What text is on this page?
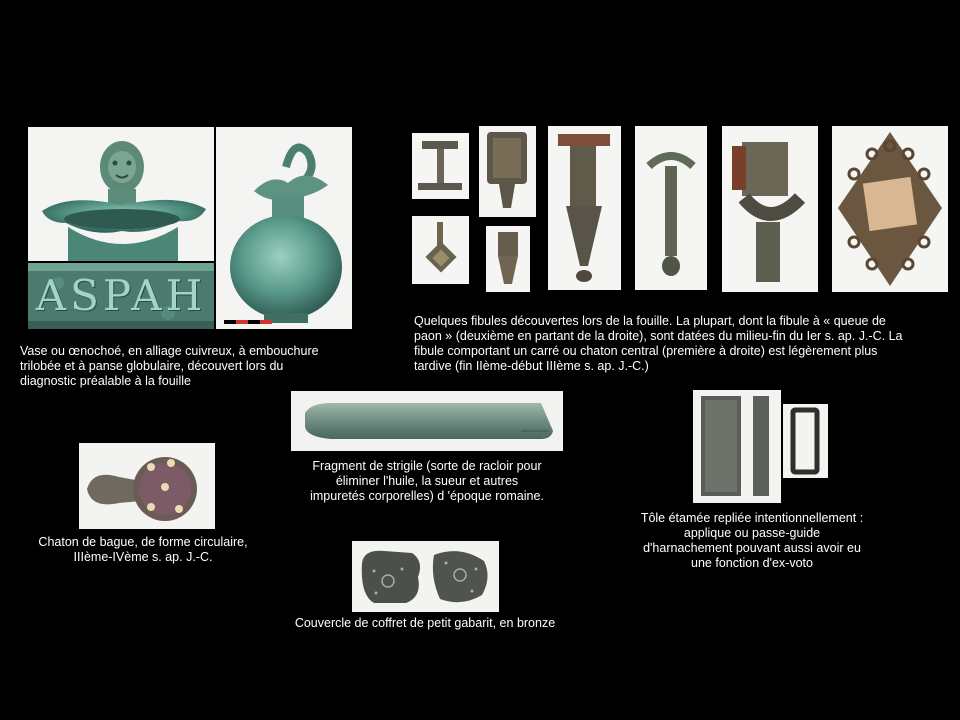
ASPAH
Vase ou œnochoé, en alliage cuivreux, à embouchure
trilobée et à panse globulaire, découvert lors du
diagnostic préalable à la fouille
Quelques fibules découvertes lors de la fouille. La plupart, dont la fibule à « queue de
paon » (deuxième en partant de la droite), sont datées du milieu-fin du Ier s. ap. J.-C. La
fibule comportant un carré ou chaton central (première à droite) est légèrement plus
tardive (fin IIème-début IIIème s. ap. J.-C.)
Fragment de strigile (sorte de racloir pour
éliminer l'huile, la sueur et autres
impuretés corporelles) d 'époque romaine.
Chaton de bague, de forme circulaire,
IIIème-IVème s. ap. J.-C.
Tôle étamée repliée intentionnellement :
applique ou passe-guide
d'harnachement pouvant aussi avoir eu
une fonction d'ex-voto
Couvercle de coffret de petit gabarit, en bronze
